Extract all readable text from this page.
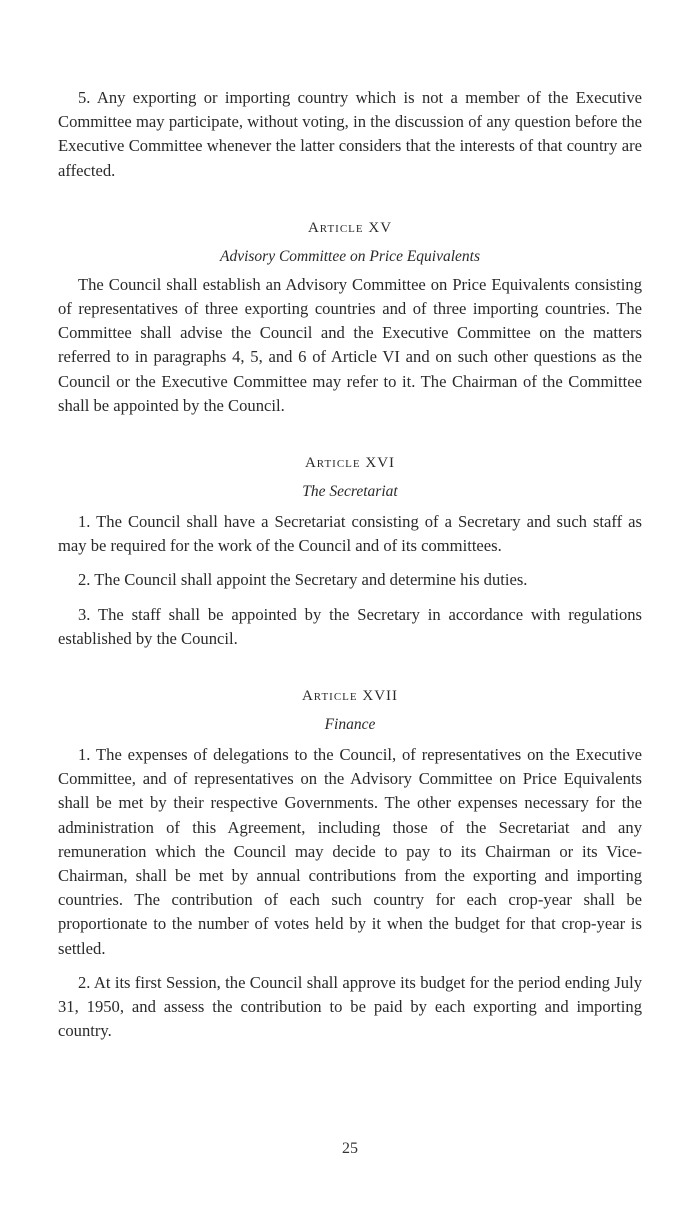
5. Any exporting or importing country which is not a member of the Executive Committee may participate, without voting, in the discussion of any question before the Executive Committee whenever the latter considers that the interests of that country are affected.

Article XV

Advisory Committee on Price Equivalents

The Council shall establish an Advisory Committee on Price Equivalents consisting of representatives of three exporting countries and of three importing countries. The Committee shall advise the Council and the Executive Committee on the matters referred to in paragraphs 4, 5, and 6 of Article VI and on such other questions as the Council or the Executive Committee may refer to it. The Chairman of the Committee shall be appointed by the Council.

Article XVI

The Secretariat

1. The Council shall have a Secretariat consisting of a Secretary and such staff as may be required for the work of the Council and of its committees.

2. The Council shall appoint the Secretary and determine his duties.

3. The staff shall be appointed by the Secretary in accordance with regulations established by the Council.

Article XVII

Finance

1. The expenses of delegations to the Council, of representatives on the Executive Committee, and of representatives on the Advisory Committee on Price Equivalents shall be met by their respective Governments. The other expenses necessary for the administration of this Agreement, including those of the Secretariat and any remuneration which the Council may decide to pay to its Chairman or its Vice-Chairman, shall be met by annual contributions from the exporting and importing countries. The contribution of each such country for each crop-year shall be proportionate to the number of votes held by it when the budget for that crop-year is settled.

2. At its first Session, the Council shall approve its budget for the period ending July 31, 1950, and assess the contribution to be paid by each exporting and importing country.

25
